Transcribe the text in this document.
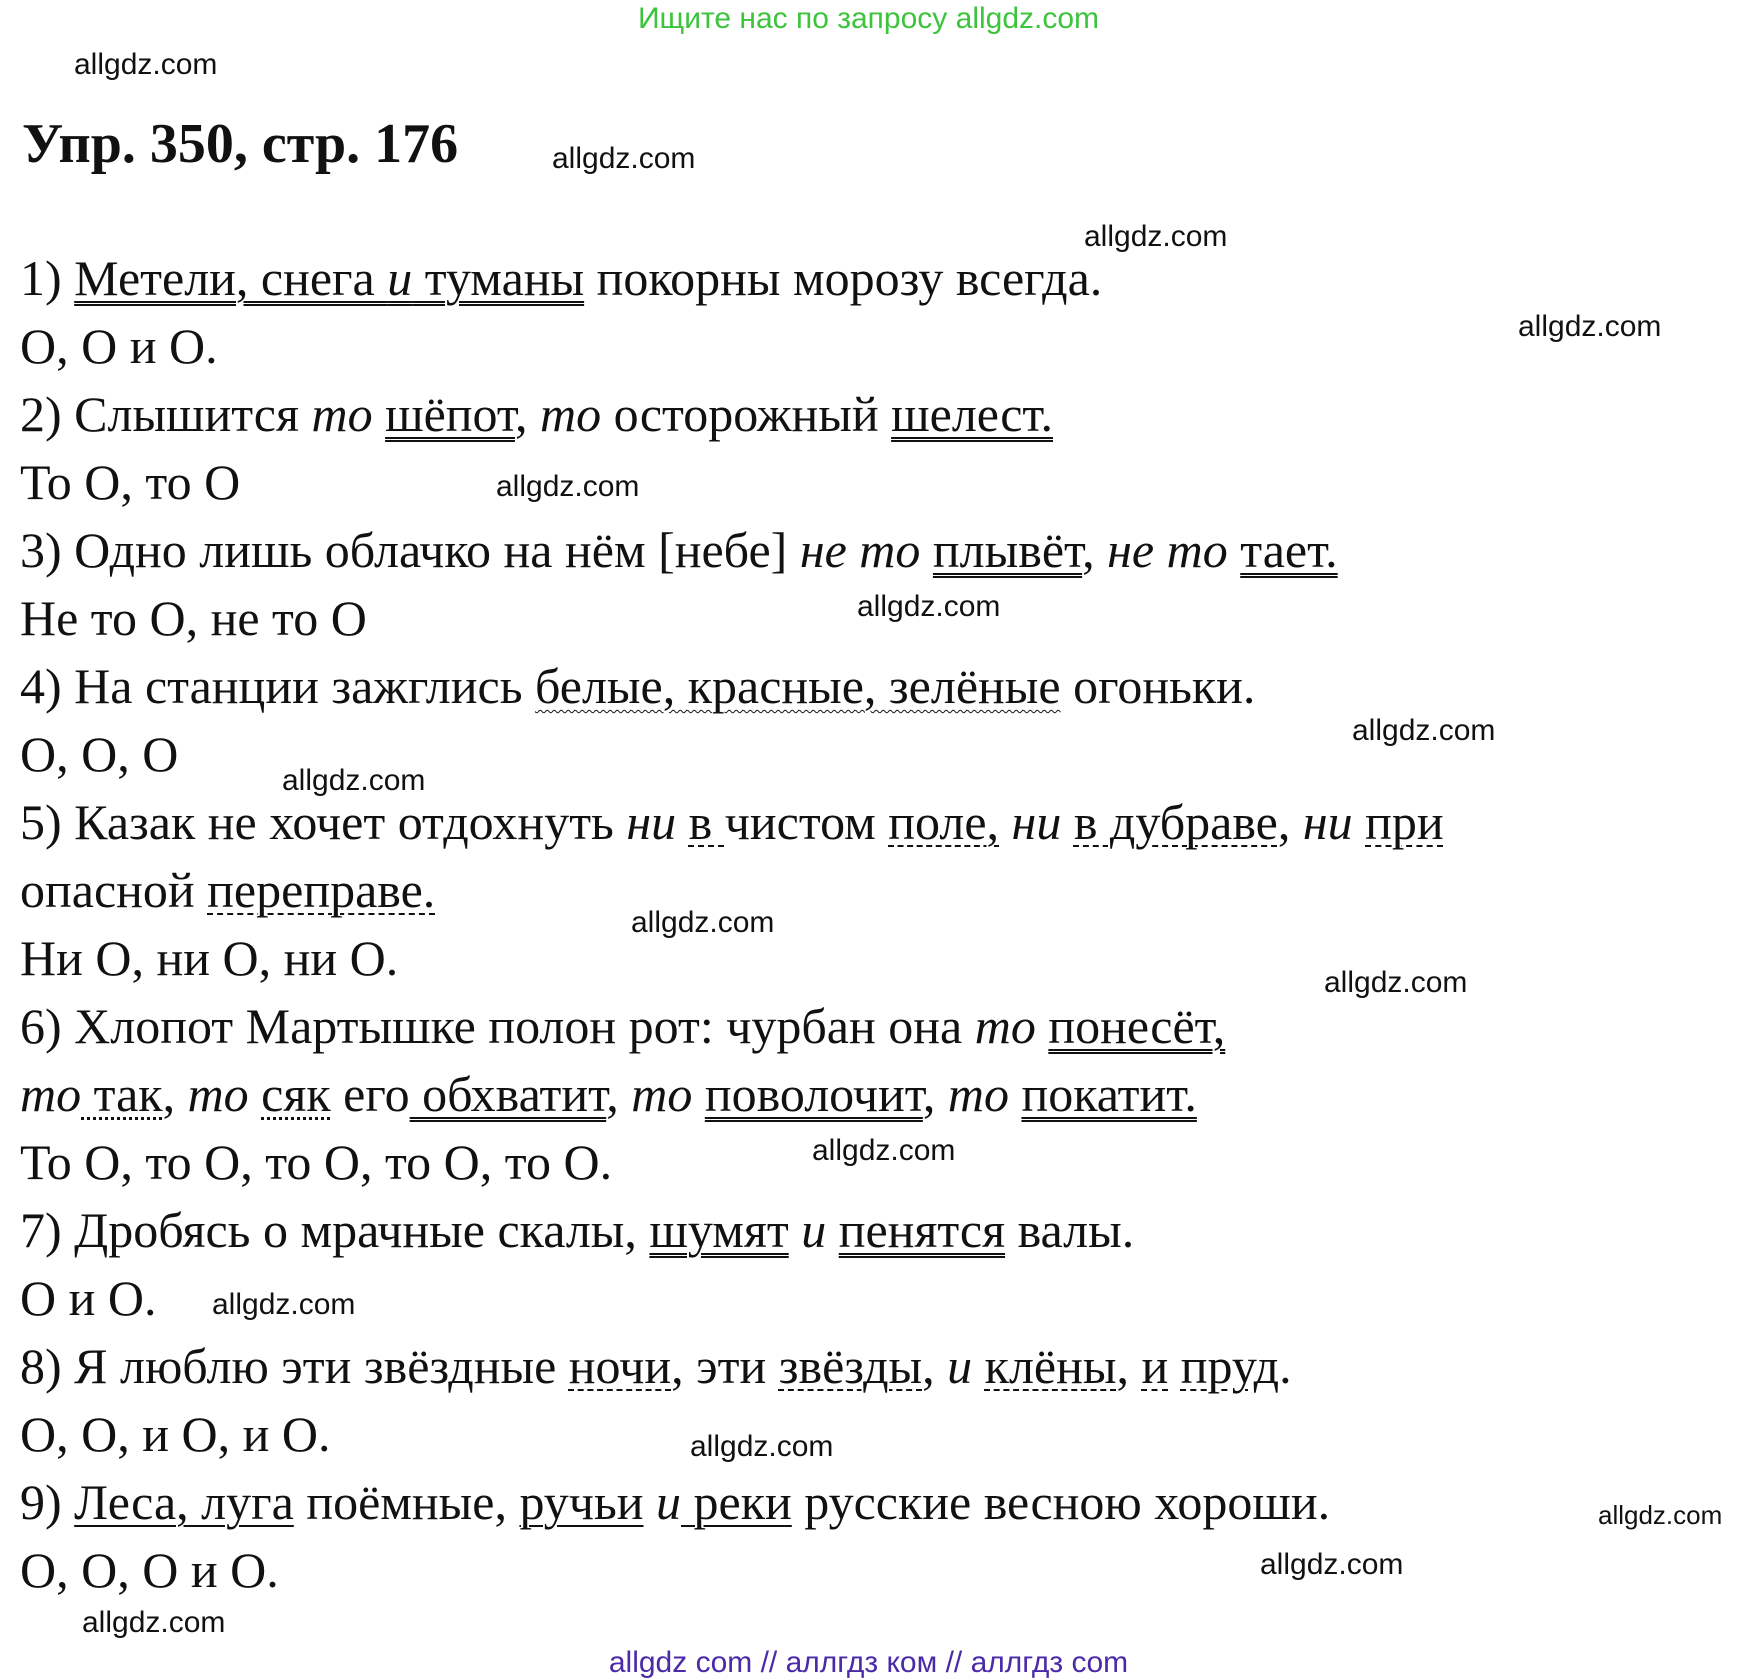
Ищите нас по запросу allgdz.com
allgdz.com
allgdz.com
allgdz.com
allgdz.com
allgdz.com
allgdz.com
allgdz.com
allgdz.com
allgdz.com
allgdz.com
allgdz.com
allgdz.com
allgdz.com
allgdz.com
allgdz.com
allgdz.com
Упр. 350, стр. 176
1) Метели, снега и туманы покорны морозу всегда.
О, О и О.
2) Слышится то шёпот, то осторожный шелест.
То О, то О
3) Одно лишь облачко на нём [небе] не то плывёт, не то тает.
Не то О, не то О
4) На станции зажглись белые, красные, зелёные огоньки.
О, О, О
5) Казак не хочет отдохнуть ни в чистом поле, ни в дубраве, ни при
опасной переправе.
Ни О, ни О, ни О.
6) Хлопот Мартышке полон рот: чурбан она то понесёт,
то так, то сяк его обхватит, то поволочит, то покатит.
То О, то О, то О, то О, то О.
7) Дробясь о мрачные скалы, шумят и пенятся валы.
О и О.
8) Я люблю эти звёздные ночи, эти звёзды, и клёны, и пруд.
О, О, и О, и О.
9) Леса, луга поёмные, ручьи и реки русские весною хороши.
О, О, О и О.
allgdz com // аллгдз ком // аллгдз com
